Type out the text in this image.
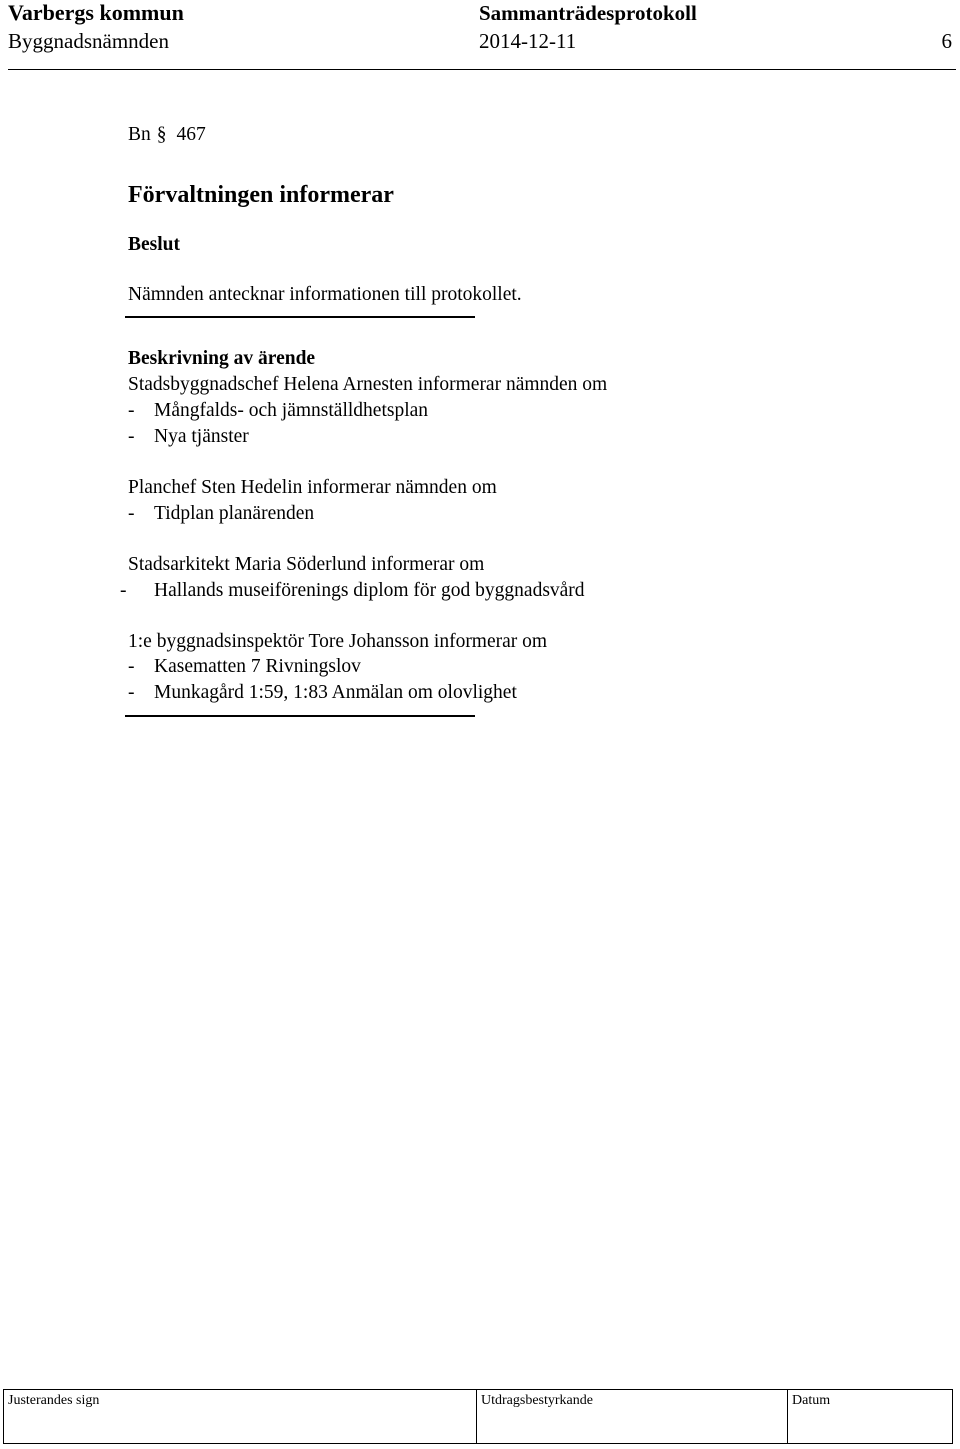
Varbergs kommun	Sammanträdesprotokoll
Byggnadsnämnden	2014-12-11	6
Bn § 467
Förvaltningen informerar
Beslut
Nämnden antecknar informationen till protokollet.
Beskrivning av ärende
Stadsbyggnadschef Helena Arnesten informerar nämnden om
- Mångfalds- och jämnställdhetsplan
- Nya tjänster
Planchef Sten Hedelin informerar nämnden om
- Tidplan planärenden
Stadsarkitekt Maria Söderlund informerar om
- Hallands museiförenings diplom för god byggnadsvård
1:e byggnadsinspektör Tore Johansson informerar om
- Kasematten 7 Rivningslov
- Munkagård 1:59, 1:83 Anmälan om olovlighet
Justerandes sign	Utdragsbestyrkande	Datum
